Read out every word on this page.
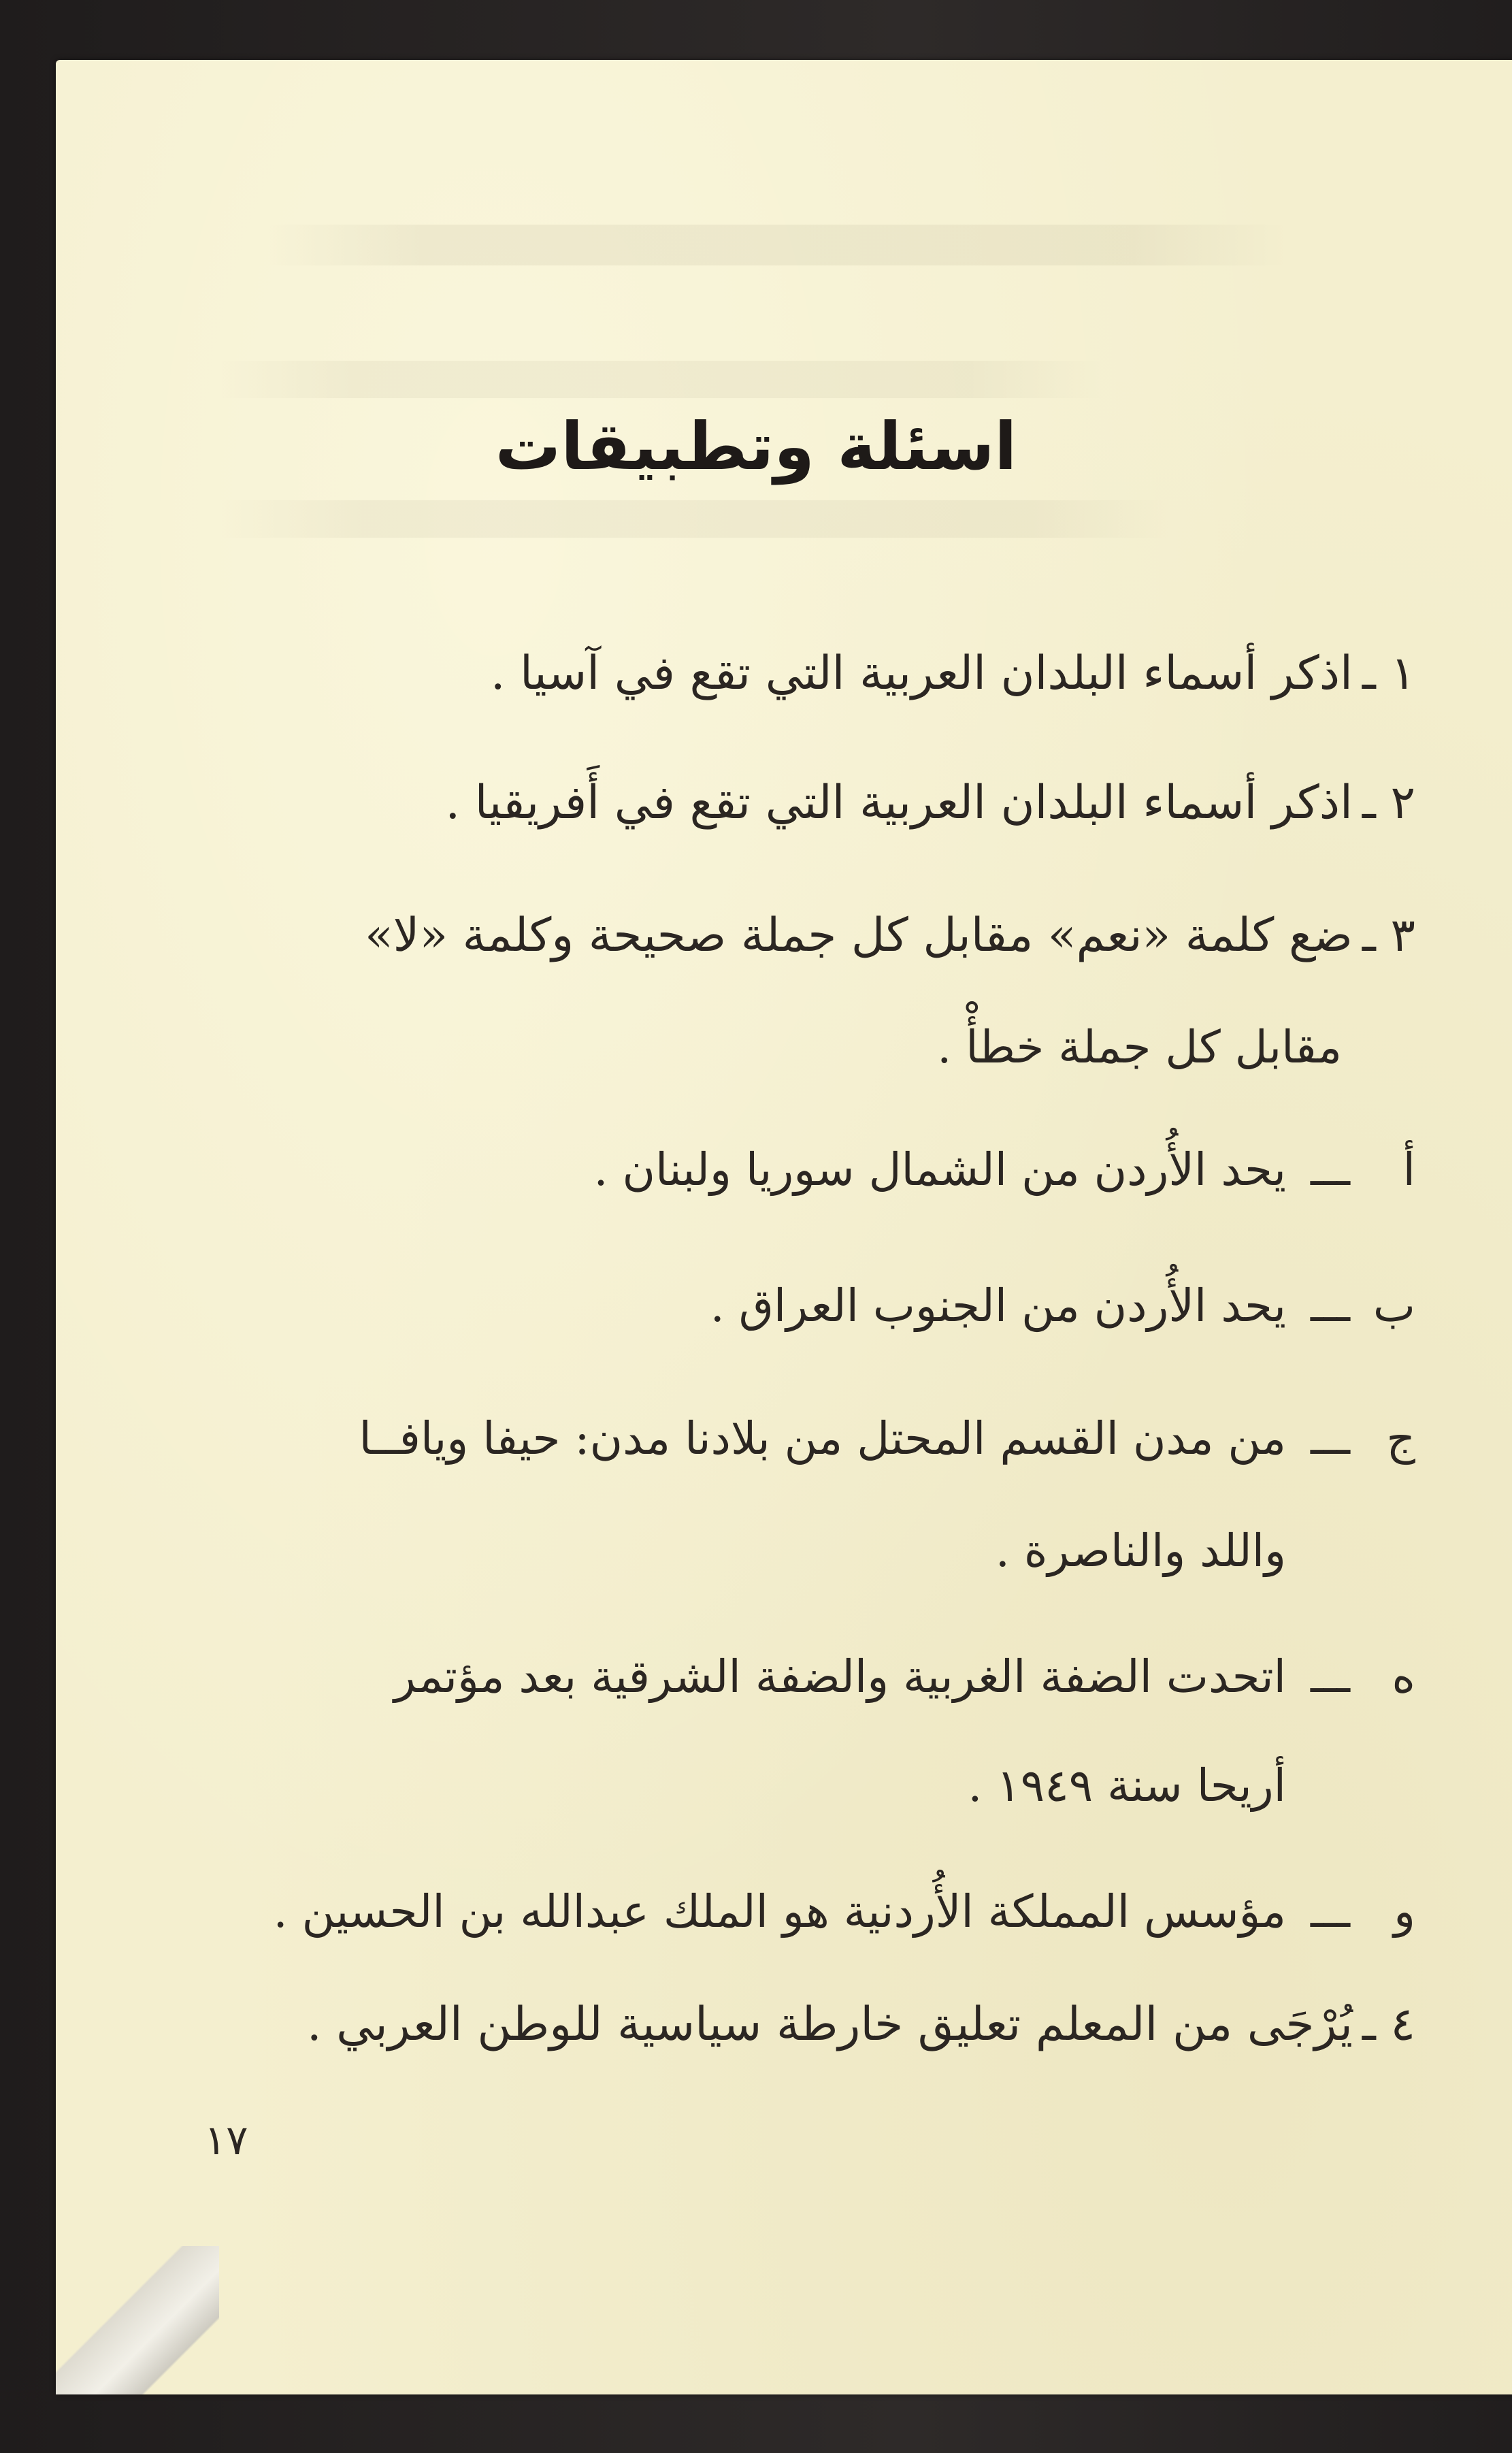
اسئلة وتطبيقات
١ ـاذكر أسماء البلدان العربية التي تقع في آسيا .
٢ ـاذكر أسماء البلدان العربية التي تقع في أَفريقيا .
٣ ـضع كلمة «نعم» مقابل كل جملة صحيحة وكلمة «لا»
مقابل كل جملة خطأْ .
أـــيحد الأُردن من الشمال سوريا ولبنان .
بـــيحد الأُردن من الجنوب العراق .
جـــمن مدن القسم المحتل من بلادنا مدن: حيفا ويافــا
واللد والناصرة .
هـــاتحدت الضفة الغربية والضفة الشرقية بعد مؤتمر
أريحا سنة ١٩٤٩ .
وـــمؤسس المملكة الأُردنية هو الملك عبدالله بن الحسين .
٤ ـيُرْجَى من المعلم تعليق خارطة سياسية للوطن العربي .
١٧
